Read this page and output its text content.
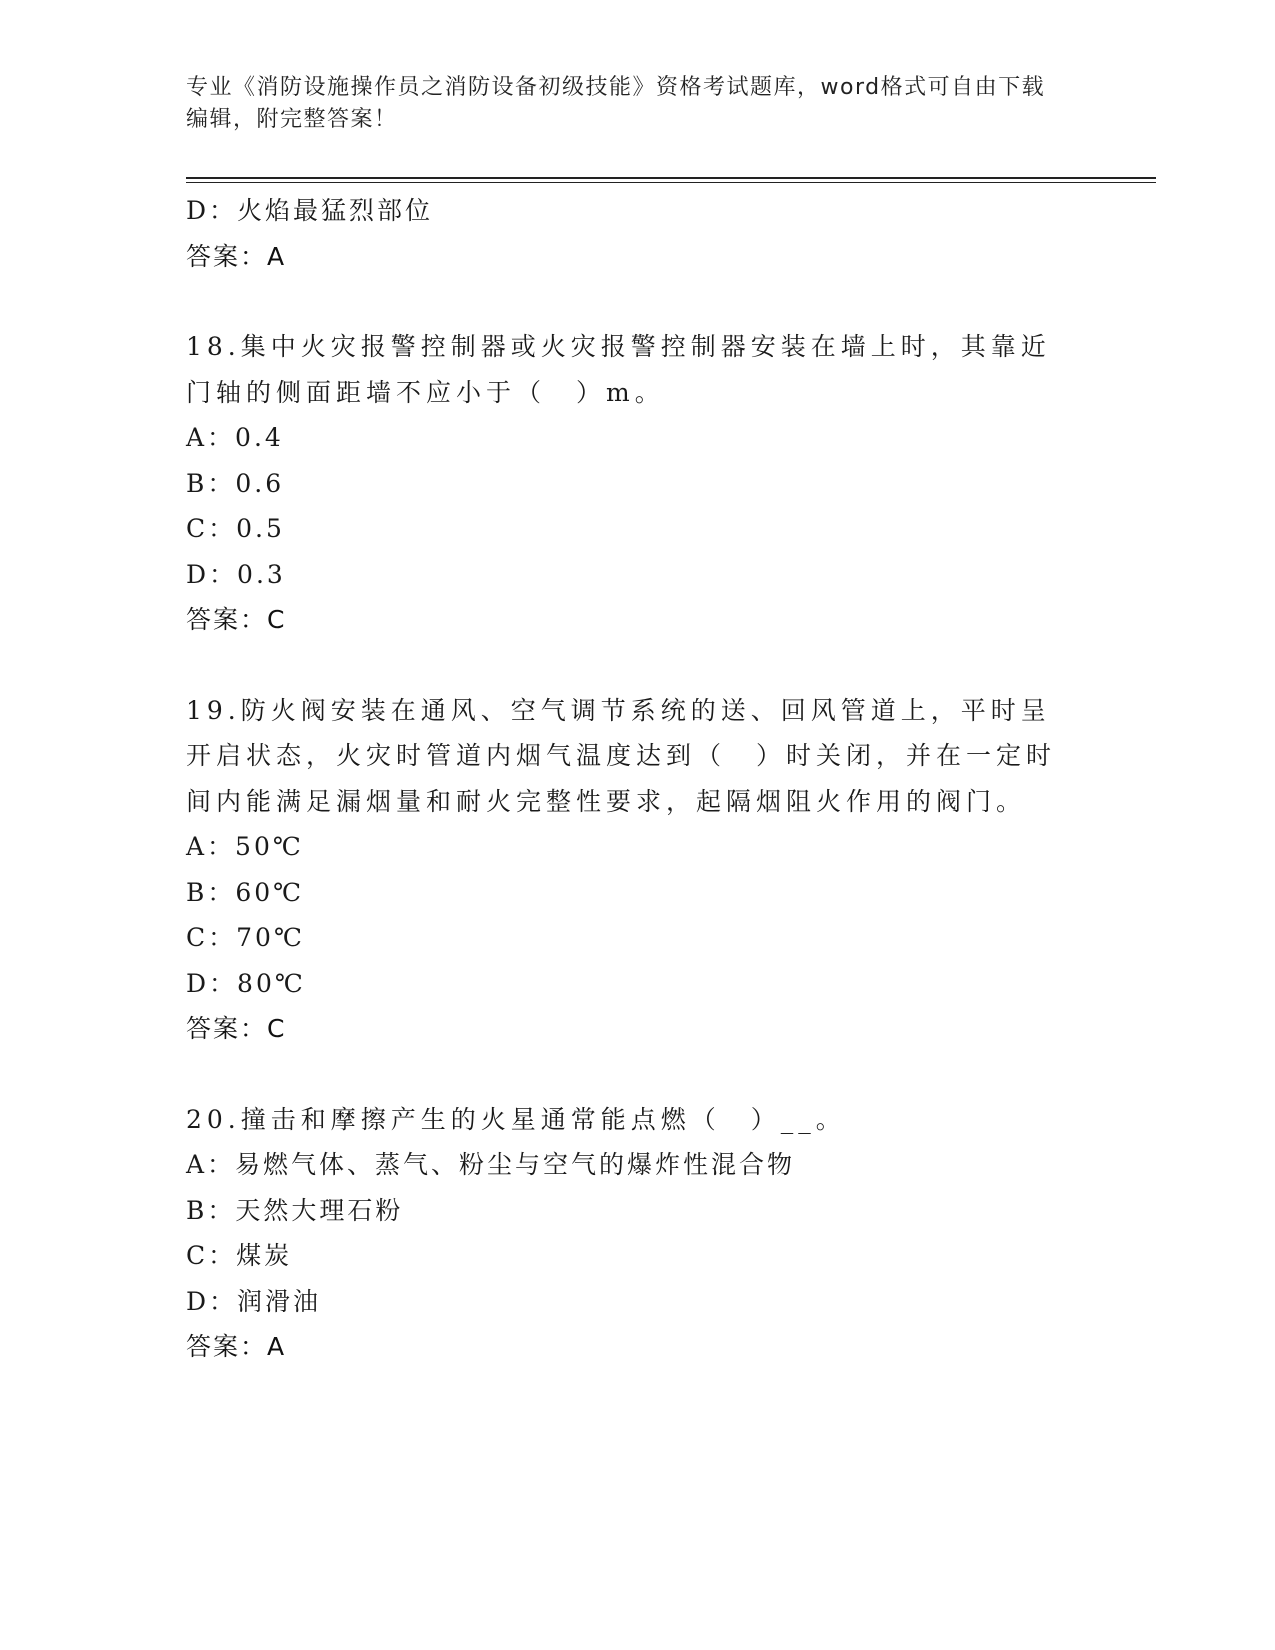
专业《消防设施操作员之消防设备初级技能》资格考试题库，word格式可自由下载编辑，附完整答案！
D：火焰最猛烈部位
答案：A
18.集中火灾报警控制器或火灾报警控制器安装在墙上时，其靠近门轴的侧面距墙不应小于（　）m。
A：0.4
B：0.6
C：0.5
D：0.3
答案：C
19.防火阀安装在通风、空气调节系统的送、回风管道上，平时呈开启状态，火灾时管道内烟气温度达到（　）时关闭，并在一定时间内能满足漏烟量和耐火完整性要求，起隔烟阻火作用的阀门。
A：50℃
B：60℃
C：70℃
D：80℃
答案：C
20.撞击和摩擦产生的火星通常能点燃（　）__。
A：易燃气体、蒸气、粉尘与空气的爆炸性混合物
B：天然大理石粉
C：煤炭
D：润滑油
答案：A
